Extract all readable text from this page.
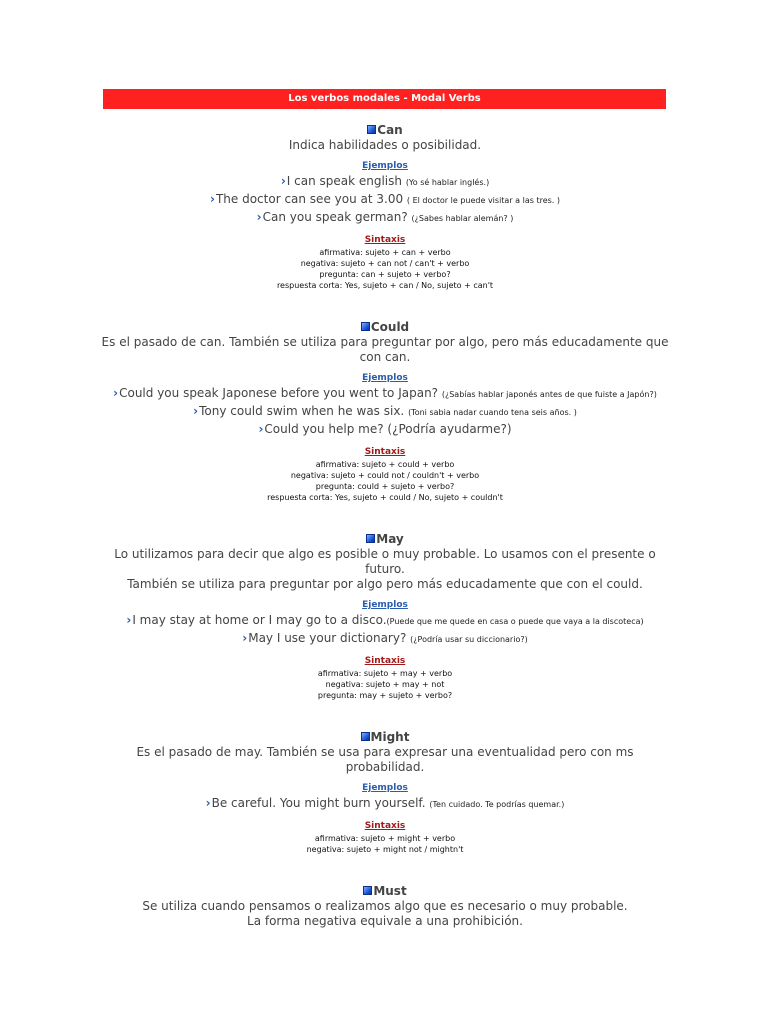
Los verbos modales - Modal Verbs
Can
Indica habilidades o posibilidad.
Ejemplos
›I can speak english (Yo sé hablar inglés.)
›The doctor can see you at 3.00 ( El doctor le puede visitar a las tres. )
›Can you speak german? (¿Sabes hablar alemán? )
Sintaxis
afirmativa: sujeto + can + verbo
negativa: sujeto + can not / can't + verbo
pregunta: can + sujeto + verbo?
respuesta corta: Yes, sujeto + can / No, sujeto + can't
Could
Es el pasado de can. También se utiliza para preguntar por algo, pero más educadamente que con can.
Ejemplos
›Could you speak Japonese before you went to Japan? (¿Sabías hablar japonés antes de que fuiste a Japón?)
›Tony could swim when he was six. (Toni sabia nadar cuando tena seis años. )
›Could you help me? (¿Podría ayudarme?)
Sintaxis
afirmativa: sujeto + could + verbo
negativa: sujeto + could not / couldn't + verbo
pregunta: could + sujeto + verbo?
respuesta corta: Yes, sujeto + could / No, sujeto + couldn't
May
Lo utilizamos para decir que algo es posible o muy probable. Lo usamos con el presente o futuro.
También se utiliza para preguntar por algo pero más educadamente que con el could.
Ejemplos
›I may stay at home or I may go to a disco.(Puede que me quede en casa o puede que vaya a la discoteca)
›May I use your dictionary? (¿Podría usar su diccionario?)
Sintaxis
afirmativa: sujeto + may + verbo
negativa: sujeto + may + not
pregunta: may + sujeto + verbo?
Might
Es el pasado de may. También se usa para expresar una eventualidad pero con ms probabilidad.
Ejemplos
›Be careful. You might burn yourself. (Ten cuidado. Te podrías quemar.)
Sintaxis
afirmativa: sujeto + might + verbo
negativa: sujeto + might not / mightn't
Must
Se utiliza cuando pensamos o realizamos algo que es necesario o muy probable.
La forma negativa equivale a una prohibición.
